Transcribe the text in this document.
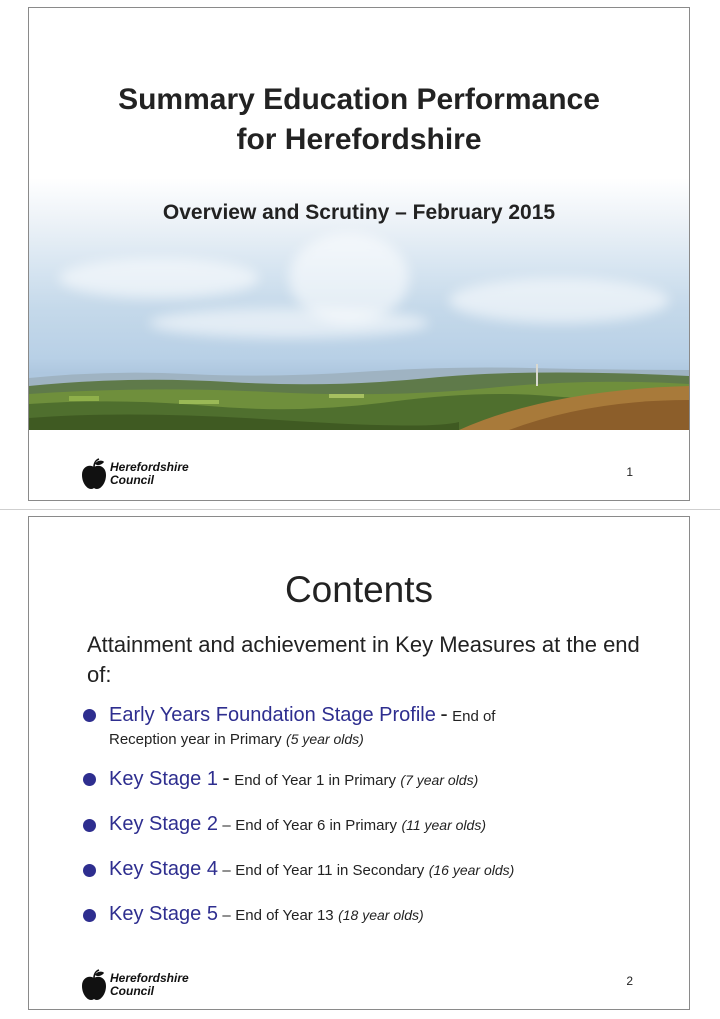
Summary Education Performance
for Herefordshire
Overview and Scrutiny – February 2015
Herefordshire
Council
1
Contents
Attainment and achievement in Key Measures at the end of:
Early Years Foundation Stage Profile - End of
Reception year in Primary (5 year olds)
Key Stage 1 - End of Year 1 in Primary (7 year olds)
Key Stage 2 – End of Year 6 in Primary (11 year olds)
Key Stage 4 – End of Year 11 in Secondary (16 year olds)
Key Stage 5 – End of Year 13 (18 year olds)
Herefordshire
Council
2
